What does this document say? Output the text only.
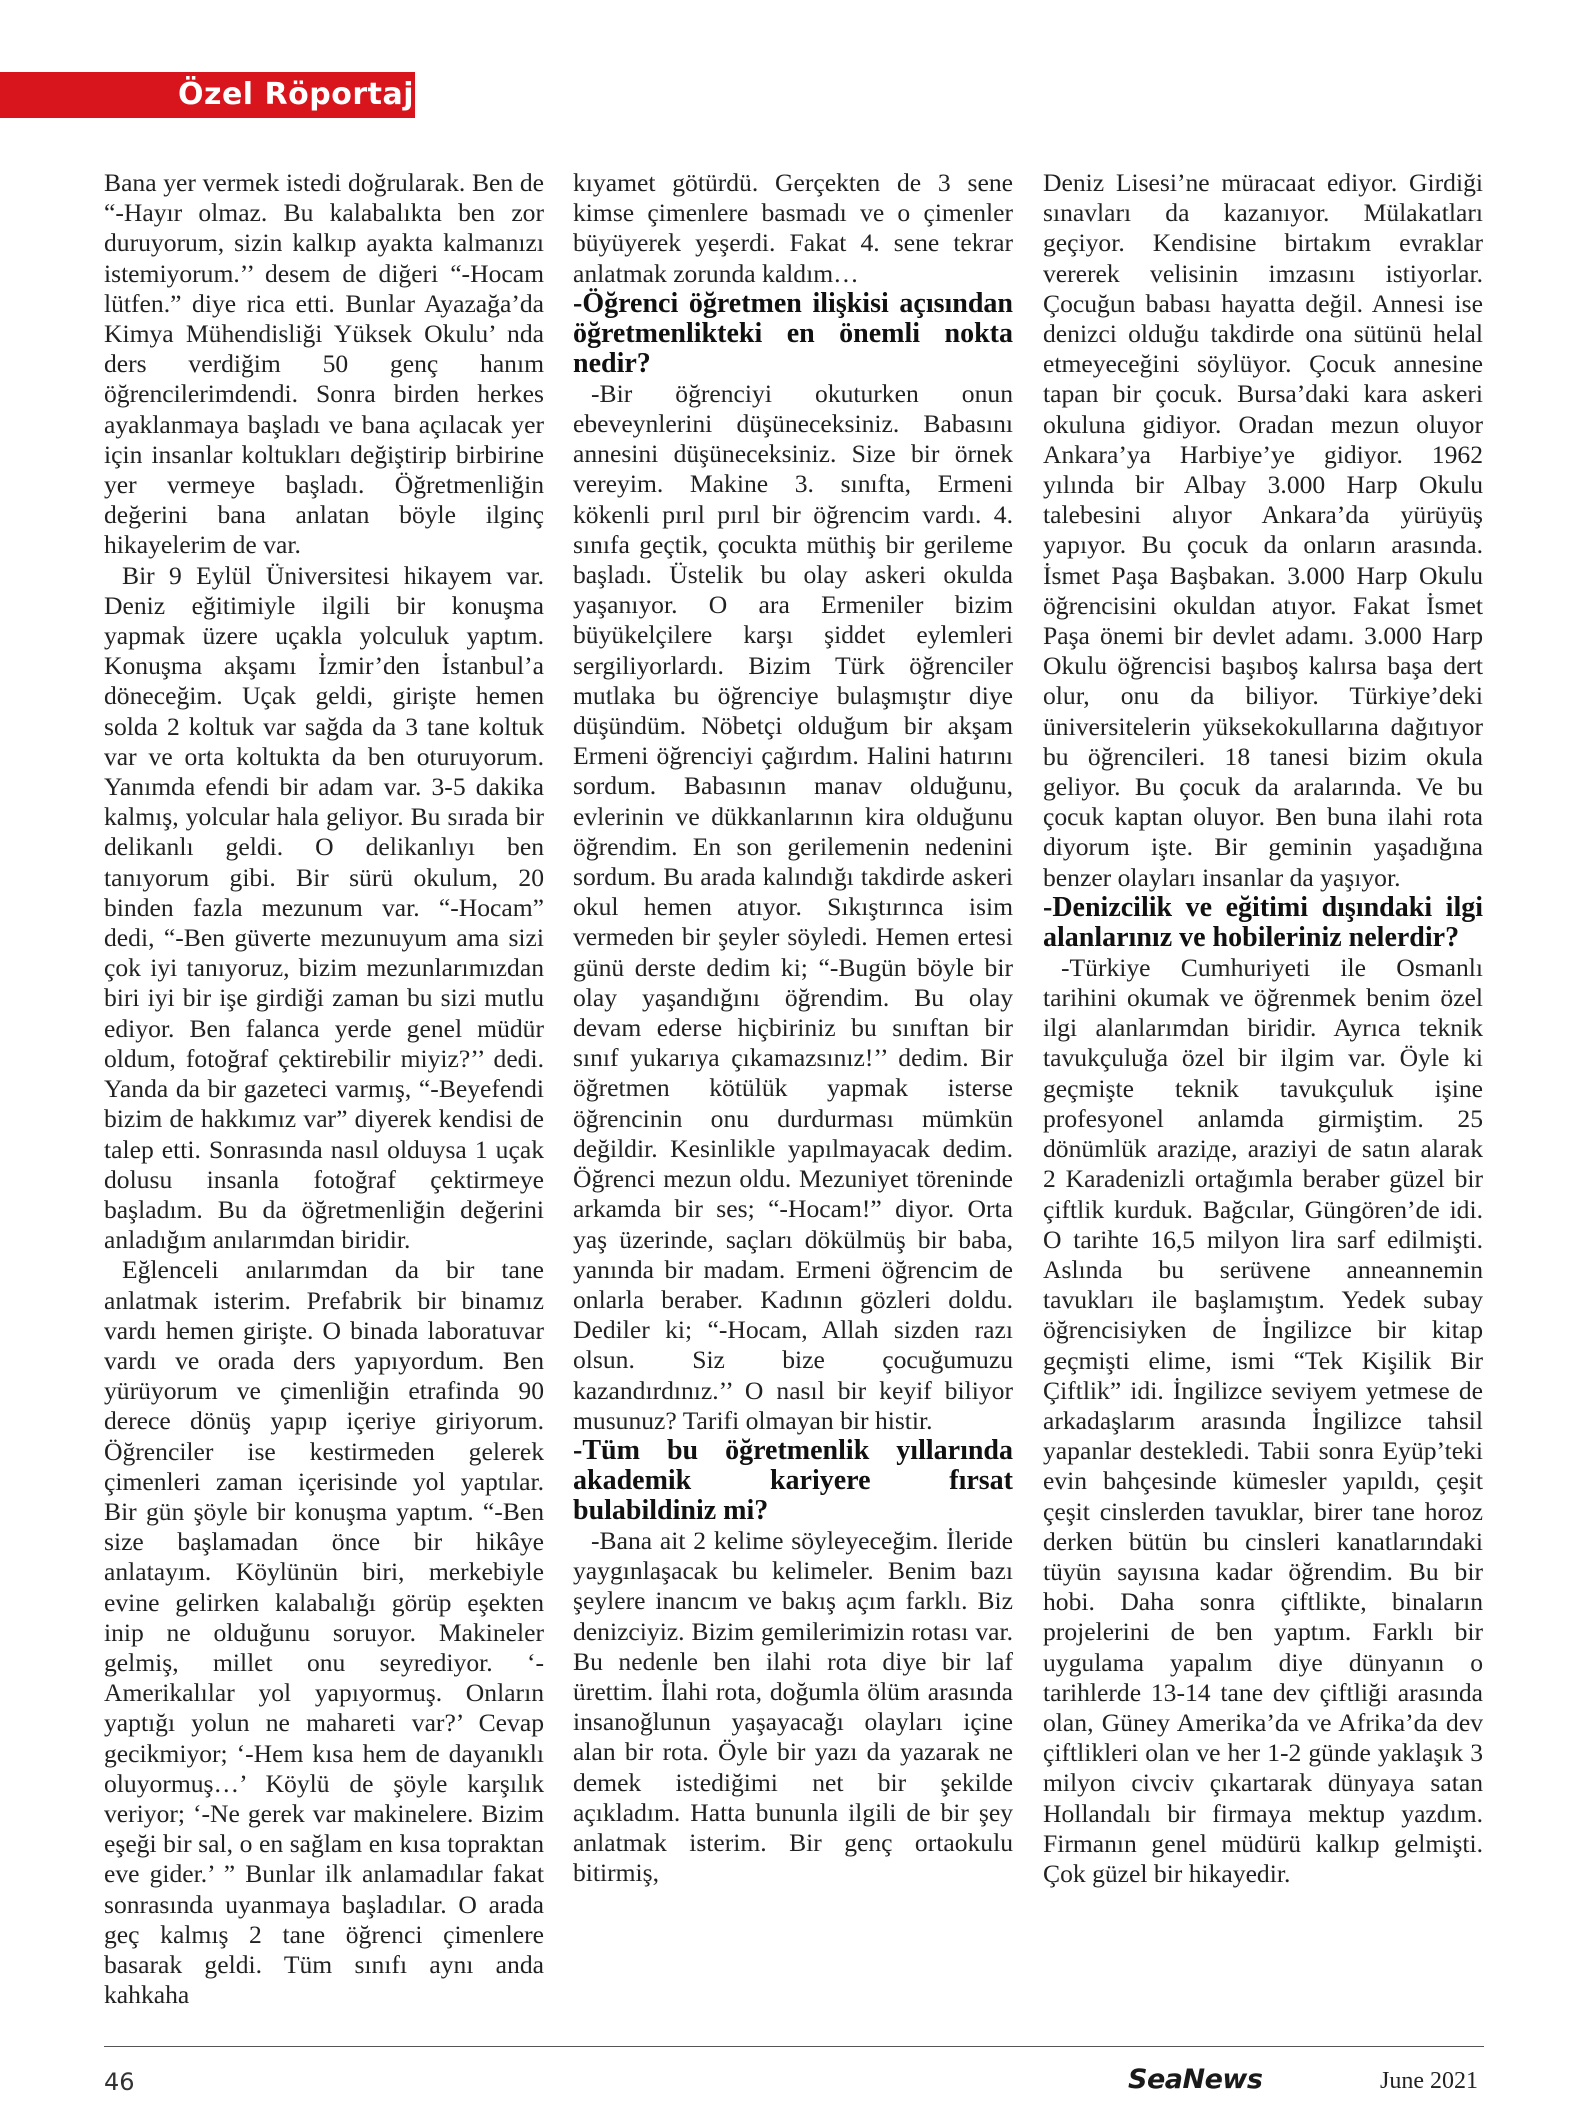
Özel Röportaj

Bana yer vermek istedi doğrularak. Ben de “-Hayır olmaz. Bu kalabalıkta ben zor duruyorum, sizin kalkıp ayakta kalmanızı istemiyorum.’’ desem de diğeri “-Hocam lütfen.” diye rica etti. Bunlar Ayazağa’da Kimya Mühendisliği Yüksek Okulu’ nda ders verdiğim 50 genç hanım öğrencilerimdendi. Sonra birden herkes ayaklanmaya başladı ve bana açılacak yer için insanlar koltukları değiştirip birbirine yer vermeye başladı. Öğretmenliğin değerini bana anlatan böyle ilginç hikayelerim de var.

Bir 9 Eylül Üniversitesi hikayem var. Deniz eğitimiyle ilgili bir konuşma yapmak üzere uçakla yolculuk yaptım. Konuşma akşamı İzmir’den İstanbul’a döneceğim. Uçak geldi, girişte hemen solda 2 koltuk var sağda da 3 tane koltuk var ve orta koltukta da ben oturuyorum. Yanımda efendi bir adam var. 3-5 dakika kalmış, yolcular hala geliyor. Bu sırada bir delikanlı geldi. O delikanlıyı ben tanıyorum gibi. Bir sürü okulum, 20 binden fazla mezunum var. “-Hocam” dedi, “-Ben güverte mezunuyum ama sizi çok iyi tanıyoruz, bizim mezunlarımızdan biri iyi bir işe girdiği zaman bu sizi mutlu ediyor. Ben falanca yerde genel müdür oldum, fotoğraf çektirebilir miyiz?’’ dedi. Yanda da bir gazeteci varmış, “-Beyefendi bizim de hakkımız var” diyerek kendisi de talep etti. Sonrasında nasıl olduysa 1 uçak dolusu insanla fotoğraf çektirmeye başladım. Bu da öğretmenliğin değerini anladığım anılarımdan biridir.

Eğlenceli anılarımdan da bir tane anlatmak isterim. Prefabrik bir binamız vardı hemen girişte. O binada laboratuvar vardı ve orada ders yapıyordum. Ben yürüyorum ve çimenliğin etrafinda 90 derece dönüş yapıp içeriye giriyorum. Öğrenciler ise kestirmeden gelerek çimenleri zaman içerisinde yol yaptılar. Bir gün şöyle bir konuşma yaptım. “-Ben size başlamadan önce bir hikâye anlatayım. Köylünün biri, merkebiyle evine gelirken kalabalığı görüp eşekten inip ne olduğunu soruyor. Makineler gelmiş, millet onu seyrediyor. ‘-Amerikalılar yol yapıyormuş. Onların yaptığı yolun ne mahareti var?’ Cevap gecikmiyor; ‘-Hem kısa hem de dayanıklı oluyormuş…’ Köylü de şöyle karşılık veriyor; ‘-Ne gerek var makinelere. Bizim eşeği bir sal, o en sağlam en kısa topraktan eve gider.’ ” Bunlar ilk anlamadılar fakat sonrasında uyanmaya başladılar. O arada geç kalmış 2 tane öğrenci çimenlere basarak geldi. Tüm sınıfı aynı anda kahkaha

kıyamet götürdü. Gerçekten de 3 sene kimse çimenlere basmadı ve o çimenler büyüyerek yeşerdi. Fakat 4. sene tekrar anlatmak zorunda kaldım…

-Öğrenci öğretmen ilişkisi açısından öğretmenlikteki en önemli nokta nedir?

-Bir öğrenciyi okuturken onun ebeveynlerini düşüneceksiniz. Babasını annesini düşüneceksiniz. Size bir örnek vereyim. Makine 3. sınıfta, Ermeni kökenli pırıl pırıl bir öğrencim vardı. 4. sınıfa geçtik, çocukta müthiş bir gerileme başladı. Üstelik bu olay askeri okulda yaşanıyor. O ara Ermeniler bizim büyükelçilere karşı şiddet eylemleri sergiliyorlardı. Bizim Türk öğrenciler mutlaka bu öğrenciye bulaşmıştır diye düşündüm. Nöbetçi olduğum bir akşam Ermeni öğrenciyi çağırdım. Halini hatırını sordum. Babasının manav olduğunu, evlerinin ve dükkanlarının kira olduğunu öğrendim. En son gerilemenin nedenini sordum. Bu arada kalındığı takdirde askeri okul hemen atıyor. Sıkıştırınca isim vermeden bir şeyler söyledi. Hemen ertesi günü derste dedim ki; “-Bugün böyle bir olay yaşandığını öğrendim. Bu olay devam ederse hiçbiriniz bu sınıftan bir sınıf yukarıya çıkamazsınız!’’ dedim. Bir öğretmen kötülük yapmak isterse öğrencinin onu durdurması mümkün değildir. Kesinlikle yapılmayacak dedim. Öğrenci mezun oldu. Mezuniyet töreninde arkamda bir ses; “-Hocam!” diyor. Orta yaş üzerinde, saçları dökülmüş bir baba, yanında bir madam. Ermeni öğrencim de onlarla beraber. Kadının gözleri doldu. Dediler ki; “-Hocam, Allah sizden razı olsun. Siz bize çocuğumuzu kazandırdınız.’’ O nasıl bir keyif biliyor musunuz? Tarifi olmayan bir histir.

-Tüm bu öğretmenlik yıllarında akademik kariyere fırsat bulabildiniz mi?

-Bana ait 2 kelime söyleyeceğim. İleride yaygınlaşacak bu kelimeler. Benim bazı şeylere inancım ve bakış açım farklı. Biz denizciyiz. Bizim gemilerimizin rotası var. Bu nedenle ben ilahi rota diye bir laf ürettim. İlahi rota, doğumla ölüm arasında insanoğlunun yaşayacağı olayları içine alan bir rota. Öyle bir yazı da yazarak ne demek istediğimi net bir şekilde açıkladım. Hatta bununla ilgili de bir şey anlatmak isterim. Bir genç ortaokulu bitirmiş,

Deniz Lisesi’ne müracaat ediyor. Girdiği sınavları da kazanıyor. Mülakatları geçiyor. Kendisine birtakım evraklar vererek velisinin imzasını istiyorlar. Çocuğun babası hayatta değil. Annesi ise denizci olduğu takdirde ona sütünü helal etmeyeceğini söylüyor. Çocuk annesine tapan bir çocuk. Bursa’daki kara askeri okuluna gidiyor. Oradan mezun oluyor Ankara’ya Harbiye’ye gidiyor. 1962 yılında bir Albay 3.000 Harp Okulu talebesini alıyor Ankara’da yürüyüş yapıyor. Bu çocuk da onların arasında. İsmet Paşa Başbakan. 3.000 Harp Okulu öğrencisini okuldan atıyor. Fakat İsmet Paşa önemi bir devlet adamı. 3.000 Harp Okulu öğrencisi başıboş kalırsa başa dert olur, onu da biliyor. Türkiye’deki üniversitelerin yüksekokullarına dağıtıyor bu öğrencileri. 18 tanesi bizim okula geliyor. Bu çocuk da aralarında. Ve bu çocuk kaptan oluyor. Ben buna ilahi rota diyorum işte. Bir geminin yaşadığına benzer olayları insanlar da yaşıyor.

-Denizcilik ve eğitimi dışındaki ilgi alanlarınız ve hobileriniz nelerdir?

-Türkiye Cumhuriyeti ile Osmanlı tarihini okumak ve öğrenmek benim özel ilgi alanlarımdan biridir. Ayrıca teknik tavukçuluğa özel bir ilgim var. Öyle ki geçmişte teknik tavukçuluk işine profesyonel anlamda girmiştim. 25 dönümlük araziде, araziyi de satın alarak 2 Karadenizli ortağımla beraber güzel bir çiftlik kurduk. Bağcılar, Güngören’de idi. O tarihte 16,5 milyon lira sarf edilmişti. Aslında bu serüvene anneannemin tavukları ile başlamıştım. Yedek subay öğrencisiyken de İngilizce bir kitap geçmişti elime, ismi “Tek Kişilik Bir Çiftlik” idi. İngilizce seviyem yetmese de arkadaşlarım arasında İngilizce tahsil yapanlar destekledi. Tabii sonra Eyüp’teki evin bahçesinde kümesler yapıldı, çeşit çeşit cinslerden tavuklar, birer tane horoz derken bütün bu cinsleri kanatlarındaki tüyün sayısına kadar öğrendim. Bu bir hobi. Daha sonra çiftlikte, binaların projelerini de ben yaptım. Farklı bir uygulama yapalım diye dünyanın o tarihlerde 13-14 tane dev çiftliği arasında olan, Güney Amerika’da ve Afrika’da dev çiftlikleri olan ve her 1-2 günde yaklaşık 3 milyon civciv çıkartarak dünyaya satan Hollandalı bir firmaya mektup yazdım. Firmanın genel müdürü kalkıp gelmişti. Çok güzel bir hikayedir.

46	SeaNews	June 2021
